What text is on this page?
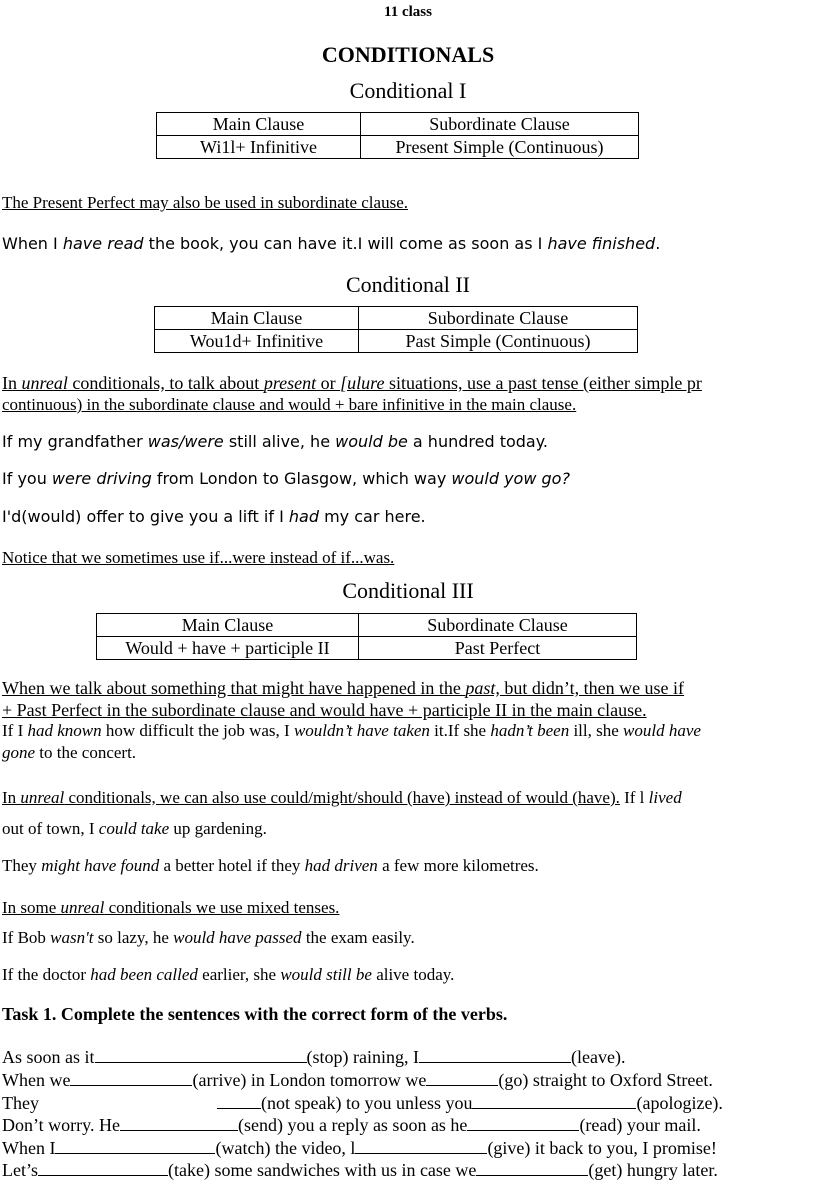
11 class
CONDITIONALS
Conditional I
Main Clause	Subordinate Clause
Wi1l+ Infinitive	Present Simple (Continuous)
The Present Perfect may also be used in subordinate clause.
When I have read the book, you can have it.I will come as soon as I have finished.
Conditional II
Main Clause	Subordinate Clause
Wou1d+ Infinitive	Past Simple (Continuous)
In unreal conditionals, to talk about present or [ulure situations, use a past tense (either simple pr
continuous) in the subordinate clause and would + bare infinitive in the main clause.
If my grandfather was/were still alive, he would be a hundred today.
If you were driving from London to Glasgow, which way would yow go?
I'd(would) offer to give you a lift if I had my car here.
Notice that we sometimes use if...were instead of if...was.
Conditional III
Main Clause	Subordinate Clause
Would + have + participle II	Past Perfect
When we talk about something that might have happened in the past, but didn’t, then we use if
+ Past Perfect in the subordinate clause and would have + participle II in the main clause.
If I had known how difficult the job was, I wouldn’t have taken it.If she hadn’t been ill, she would have
gone to the concert.
In unreal conditionals, we can also use could/might/should (have) instead of would (have). If l lived
out of town, I could take up gardening.
They might have found a better hotel if they had driven a few more kilometres.
In some unreal conditionals we use mixed tenses.
If Bob wasn't so lazy, he would have passed the exam easily.
If the doctor had been called earlier, she would still be alive today.
Task 1. Complete the sentences with the correct form of the verbs.
As soon as it	(stop) raining, I	(leave).
When we	(arrive) in London tomorrow we	(go) straight to Oxford Street.
They	(not speak) to you unless you	(apologize).
Don’t worry. He	(send) you a reply as soon as he	(read) your mail.
When I	(watch) the video, l	(give) it back to you, I promise!
Let’s	(take) some sandwiches with us in case we	(get) hungry later.
